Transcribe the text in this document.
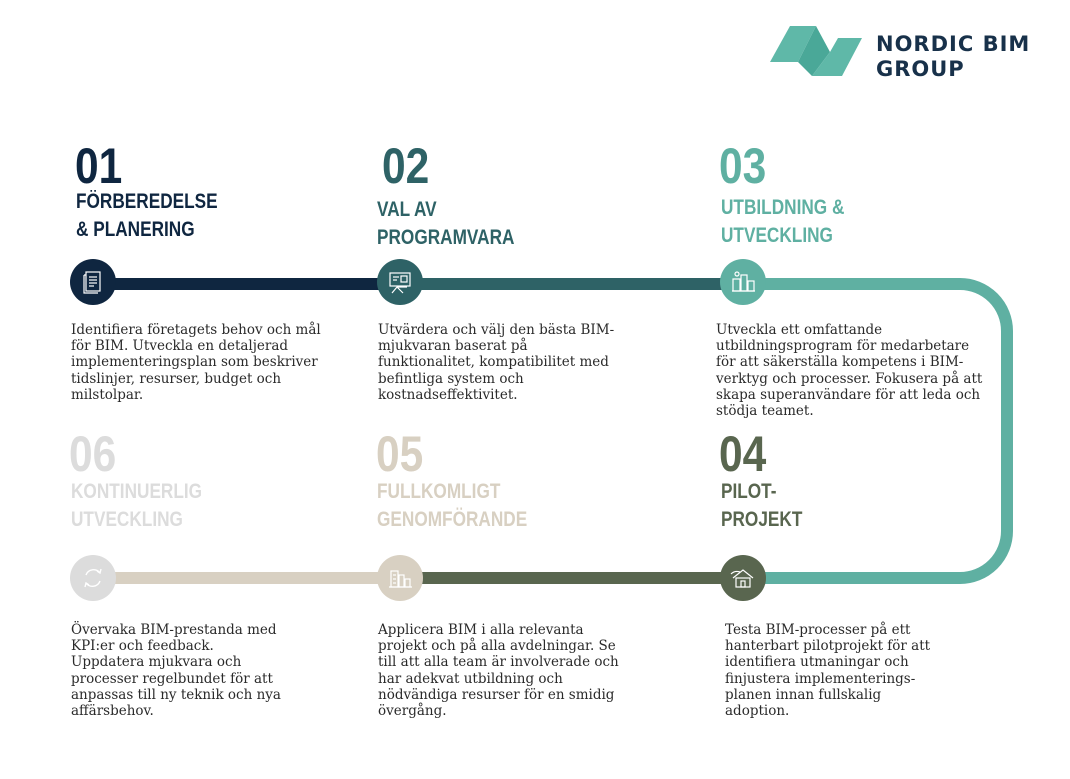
NORDIC BIM
GROUP
01
FÖRBEREDELSE
& PLANERING
Identifiera företagets behov och mål för BIM. Utveckla en detaljerad implementeringsplan som beskriver tidslinjer, resurser, budget och milstolpar.
02
VAL AV
PROGRAMVARA
Utvärdera och välj den bästa BIM-mjukvaran baserat på funktionalitet, kompatibilitet med befintliga system och kostnadseffektivitet.
03
UTBILDNING &
UTVECKLING
Utveckla ett omfattande utbildningsprogram för medarbetare för att säkerställa kompetens i BIM-verktyg och processer. Fokusera på att skapa superanvändare för att leda och stödja teamet.
04
PILOT-
PROJEKT
Testa BIM-processer på ett hanterbart pilotprojekt för att identifiera utmaningar och finjustera implementerings-planen innan fullskalig adoption.
05
FULLKOMLIGT
GENOMFÖRANDE
Applicera BIM i alla relevanta projekt och på alla avdelningar. Se till att alla team är involverade och har adekvat utbildning och nödvändiga resurser för en smidig övergång.
06
KONTINUERLIG
UTVECKLING
Övervaka BIM-prestanda med KPI:er och feedback. Uppdatera mjukvara och processer regelbundet för att anpassas till ny teknik och nya affärsbehov.
